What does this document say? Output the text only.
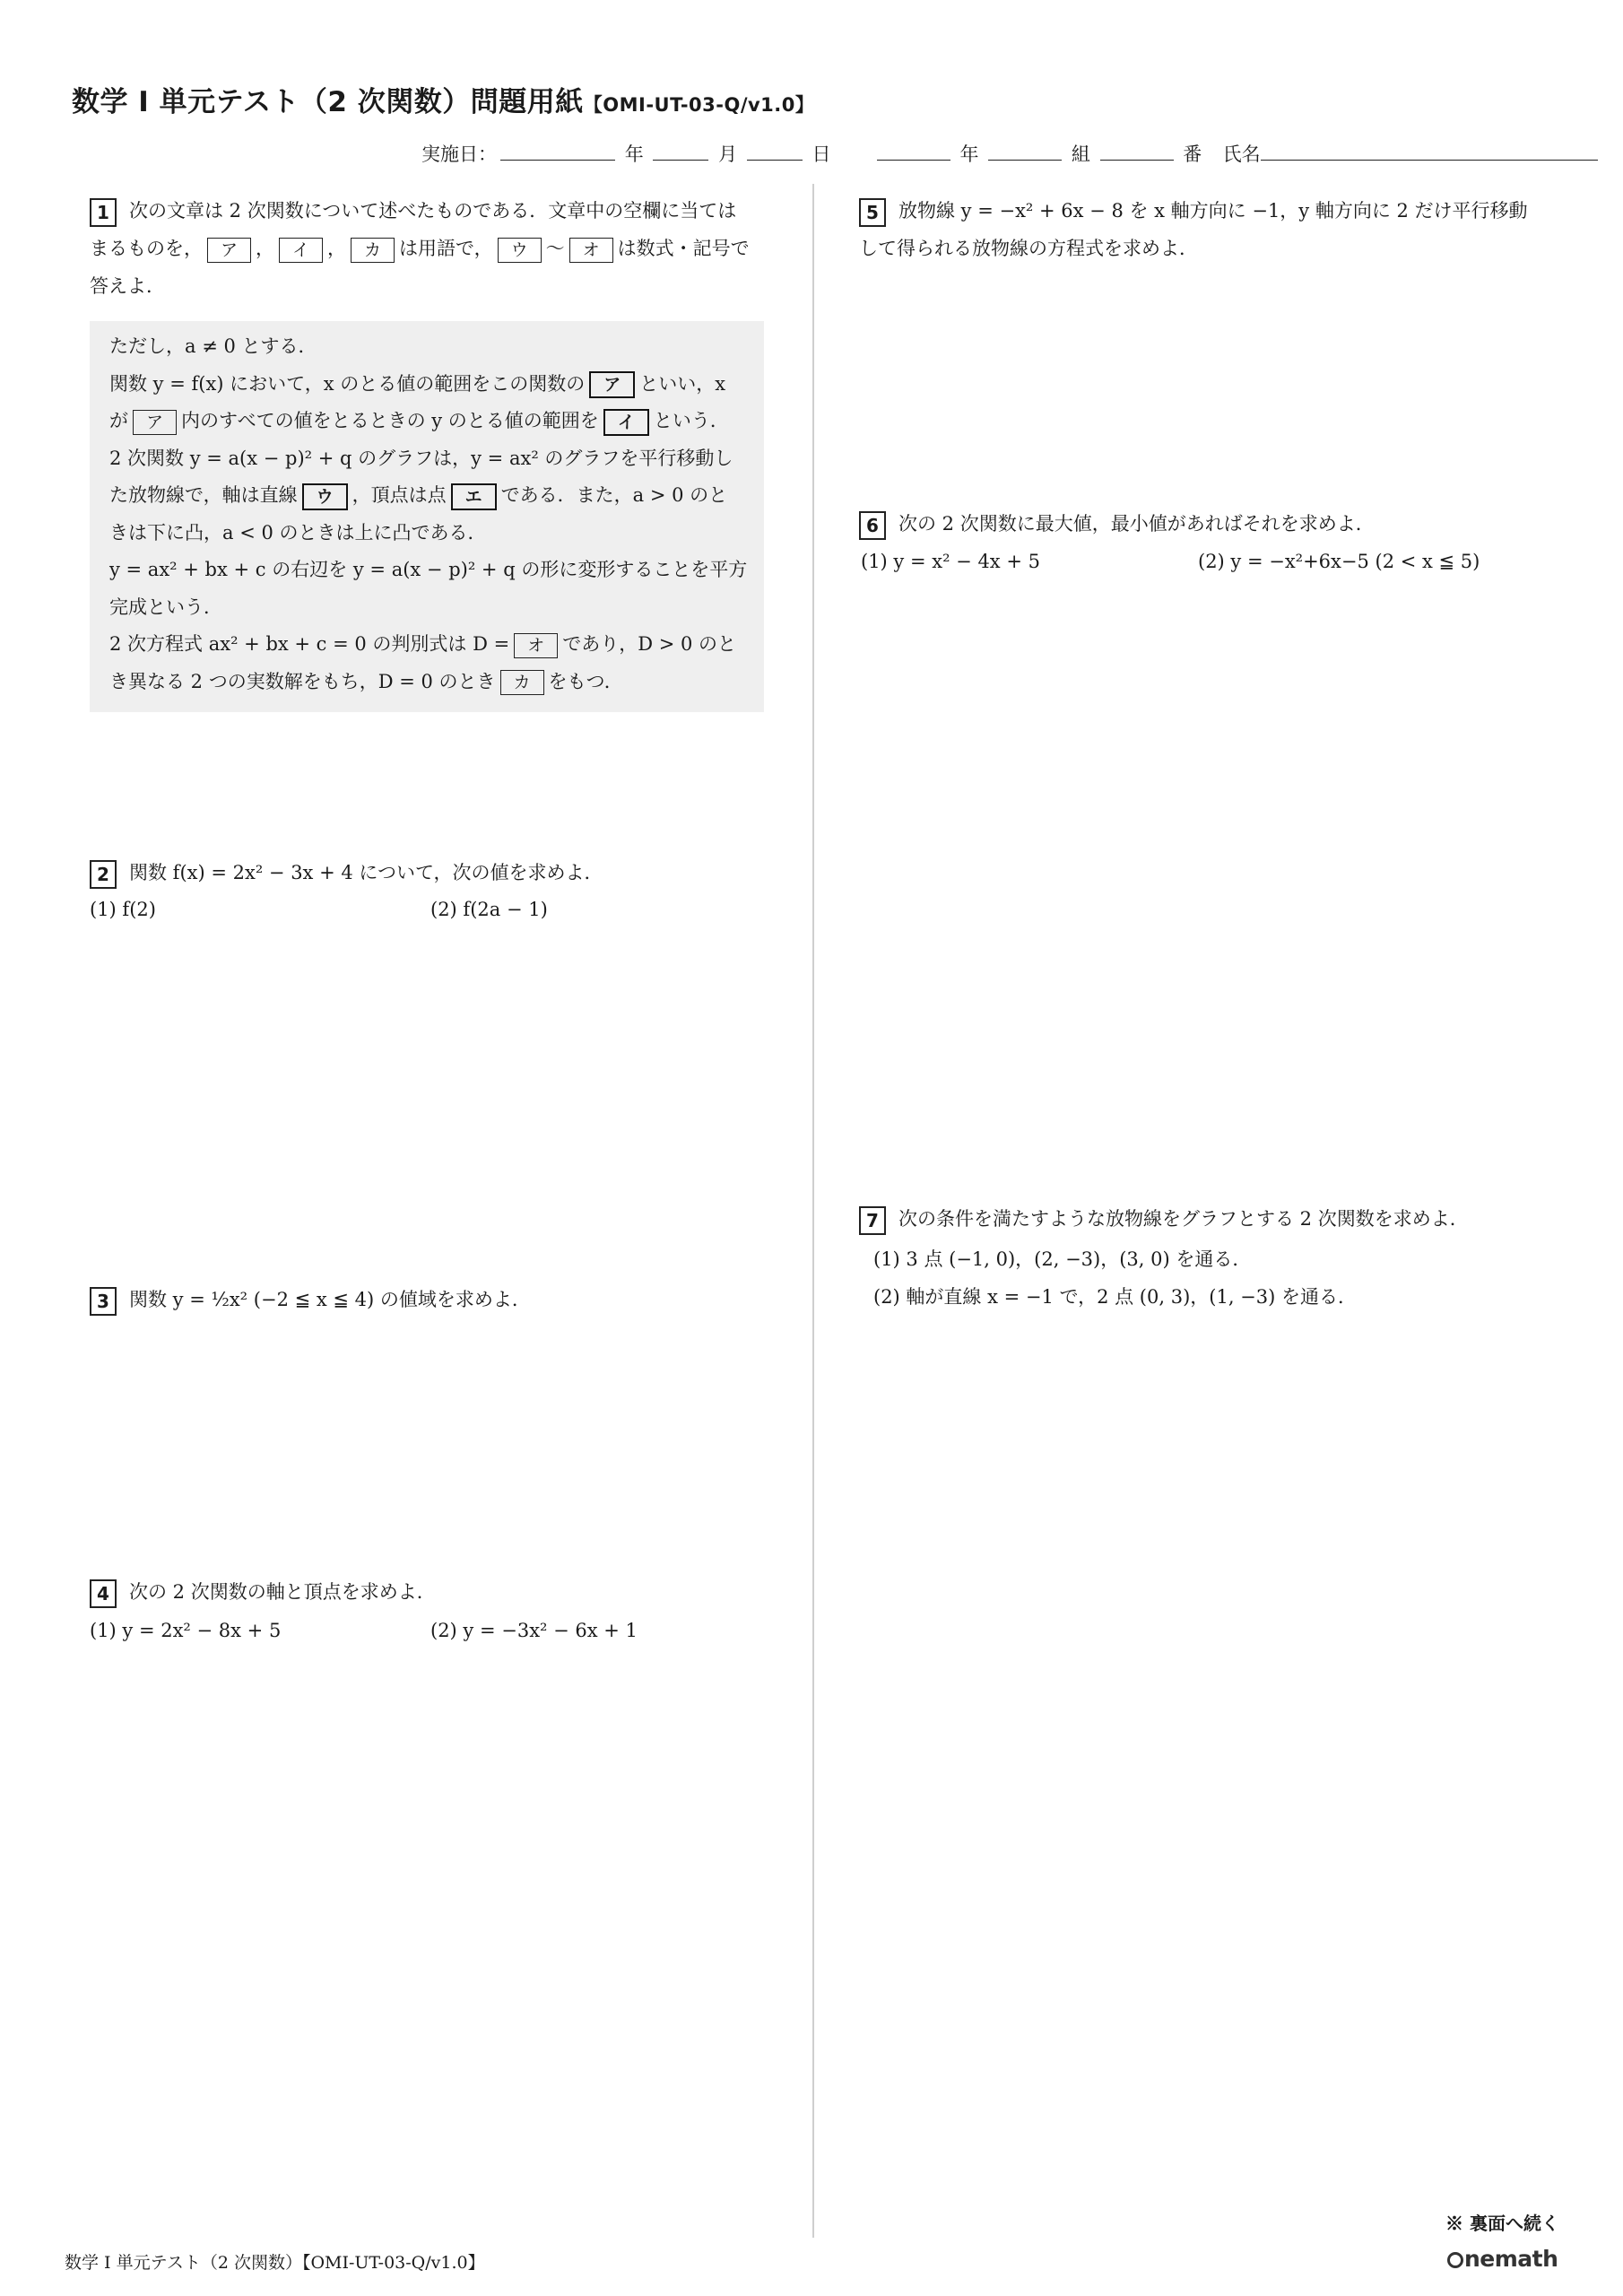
数学 I 単元テスト（2 次関数）問題用紙【OMI-UT-03-Q/v1.0】
実施日：	年	月	日	年	組	番 氏名
1 次の文章は 2 次関数について述べたものである．文章中の空欄に当ては
まるものを， ア ， イ ， カ は用語で， ウ 〜 オ は数式・記号で
答えよ．
ただし，a ≠ 0 とする．
関数 y = f(x) において，x のとる値の範囲をこの関数の ア といい，x
が ア 内のすべての値をとるときの y のとる値の範囲を イ という．
2 次関数 y = a(x − p)² + q のグラフは，y = ax² のグラフを平行移動し
た放物線で，軸は直線 ウ ，頂点は点 エ である．また，a > 0 のと
きは下に凸，a < 0 のときは上に凸である．
y = ax² + bx + c の右辺を y = a(x − p)² + q の形に変形することを平方
完成という．
2 次方程式 ax² + bx + c = 0 の判別式は D = オ であり，D > 0 のと
き異なる 2 つの実数解をもち，D = 0 のとき カ をもつ．
2 関数 f(x) = 2x² − 3x + 4 について，次の値を求めよ．
(1) f(2)	(2) f(2a − 1)
3 関数 y = ½x² (−2 ≦ x ≦ 4) の値域を求めよ．
4 次の 2 次関数の軸と頂点を求めよ．
(1) y = 2x² − 8x + 5	(2) y = −3x² − 6x + 1
5 放物線 y = −x² + 6x − 8 を x 軸方向に −1，y 軸方向に 2 だけ平行移動
して得られる放物線の方程式を求めよ．
6 次の 2 次関数に最大値，最小値があればそれを求めよ．
(1) y = x² − 4x + 5	(2) y = −x²+6x−5 (2 < x ≦ 5)
7 次の条件を満たすような放物線をグラフとする 2 次関数を求めよ．
(1) 3 点 (−1, 0)，(2, −3)，(3, 0) を通る．
(2) 軸が直線 x = −1 で，2 点 (0, 3)，(1, −3) を通る．
※ 裏面へ続く
数学 I 単元テスト（2 次関数）【OMI-UT-03-Q/v1.0】	nemath
